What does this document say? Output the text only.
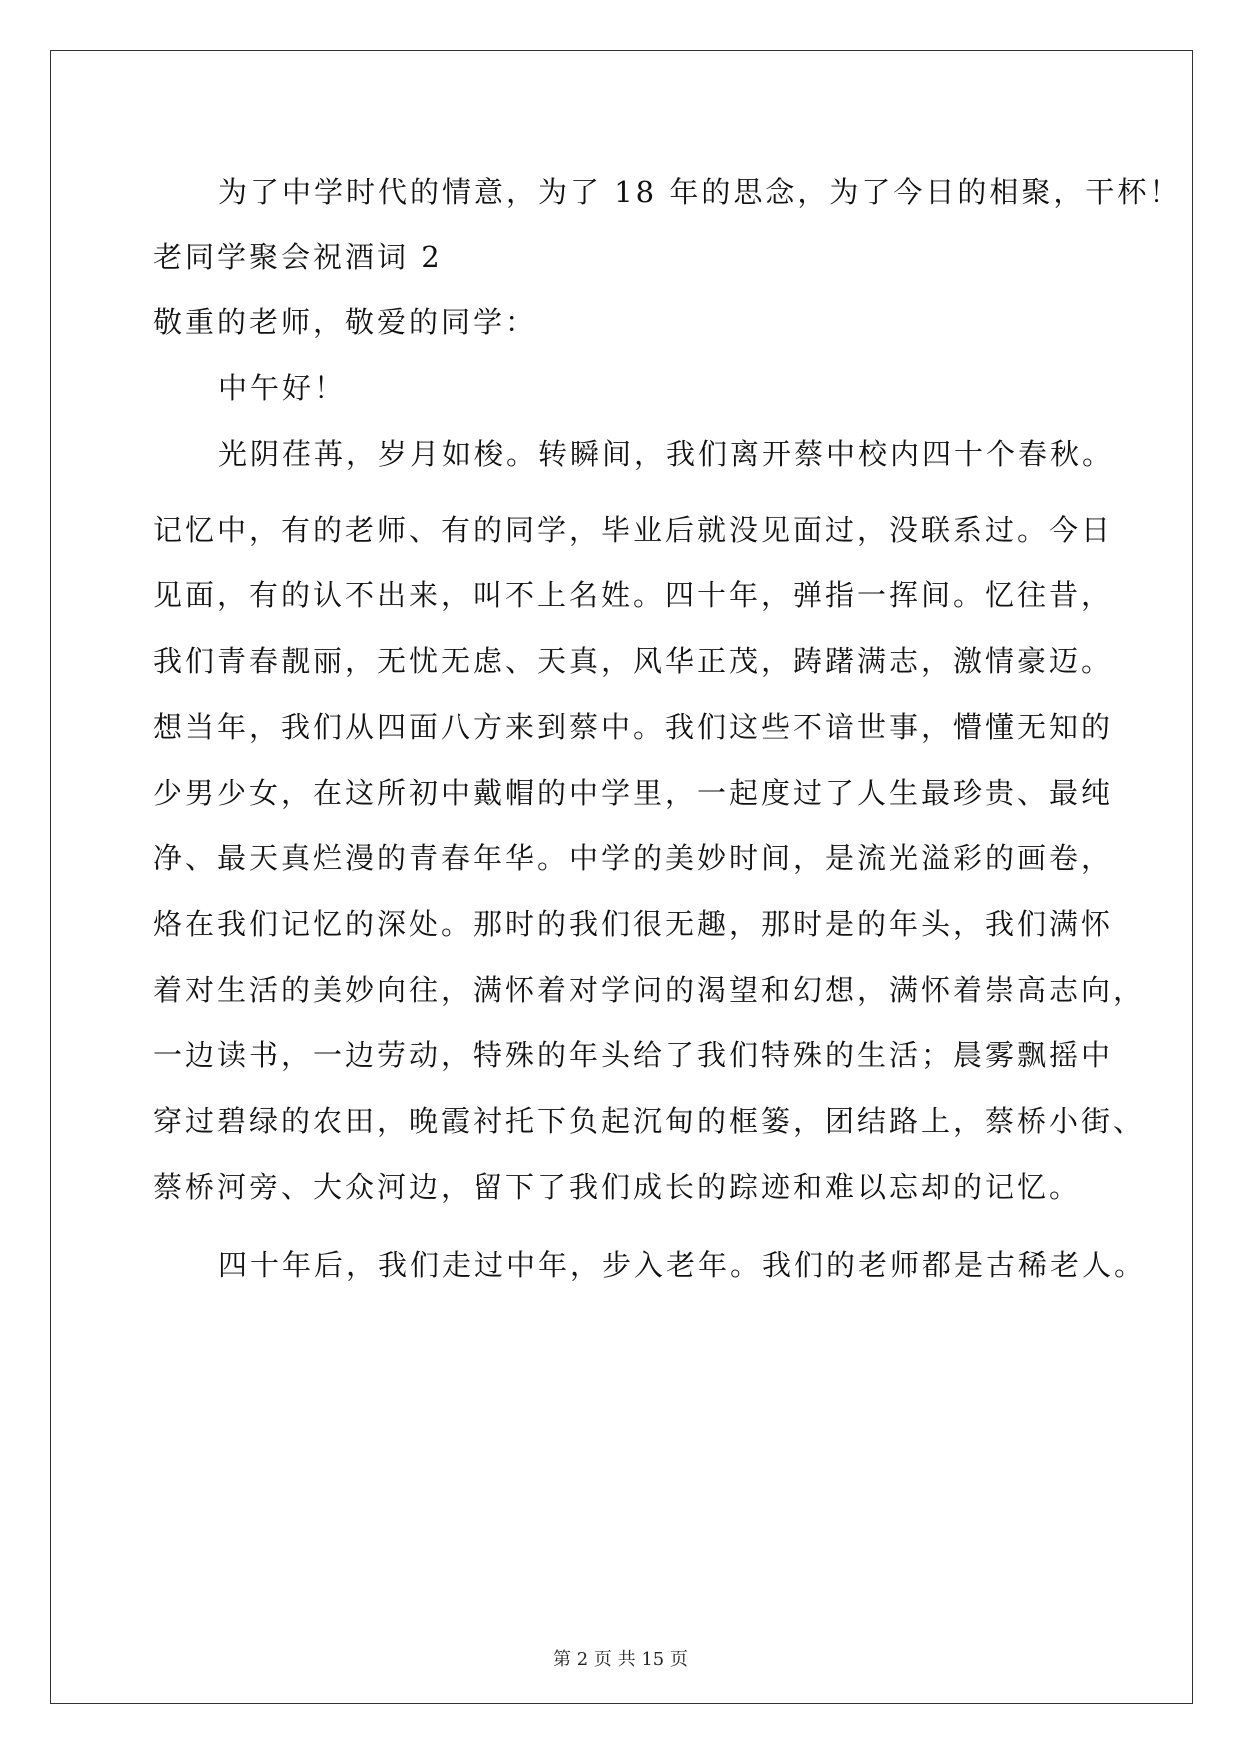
为了中学时代的情意，为了 18 年的思念，为了今日的相聚，干杯！
老同学聚会祝酒词 2
敬重的老师，敬爱的同学：
中午好！
光阴荏苒，岁月如梭。转瞬间，我们离开蔡中校内四十个春秋。
记忆中，有的老师、有的同学，毕业后就没见面过，没联系过。今日
见面，有的认不出来，叫不上名姓。四十年，弹指一挥间。忆往昔，
我们青春靓丽，无忧无虑、天真，风华正茂，踌躇满志，激情豪迈。
想当年，我们从四面八方来到蔡中。我们这些不谙世事，懵懂无知的
少男少女，在这所初中戴帽的中学里，一起度过了人生最珍贵、最纯
净、最天真烂漫的青春年华。中学的美妙时间，是流光溢彩的画卷，
烙在我们记忆的深处。那时的我们很无趣，那时是的年头，我们满怀
着对生活的美妙向往，满怀着对学问的渴望和幻想，满怀着崇高志向，
一边读书，一边劳动，特殊的年头给了我们特殊的生活；晨雾飘摇中
穿过碧绿的农田，晚霞衬托下负起沉甸的框篓，团结路上，蔡桥小街、
蔡桥河旁、大众河边，留下了我们成长的踪迹和难以忘却的记忆。
四十年后，我们走过中年，步入老年。我们的老师都是古稀老人。
第 2 页 共 15 页
